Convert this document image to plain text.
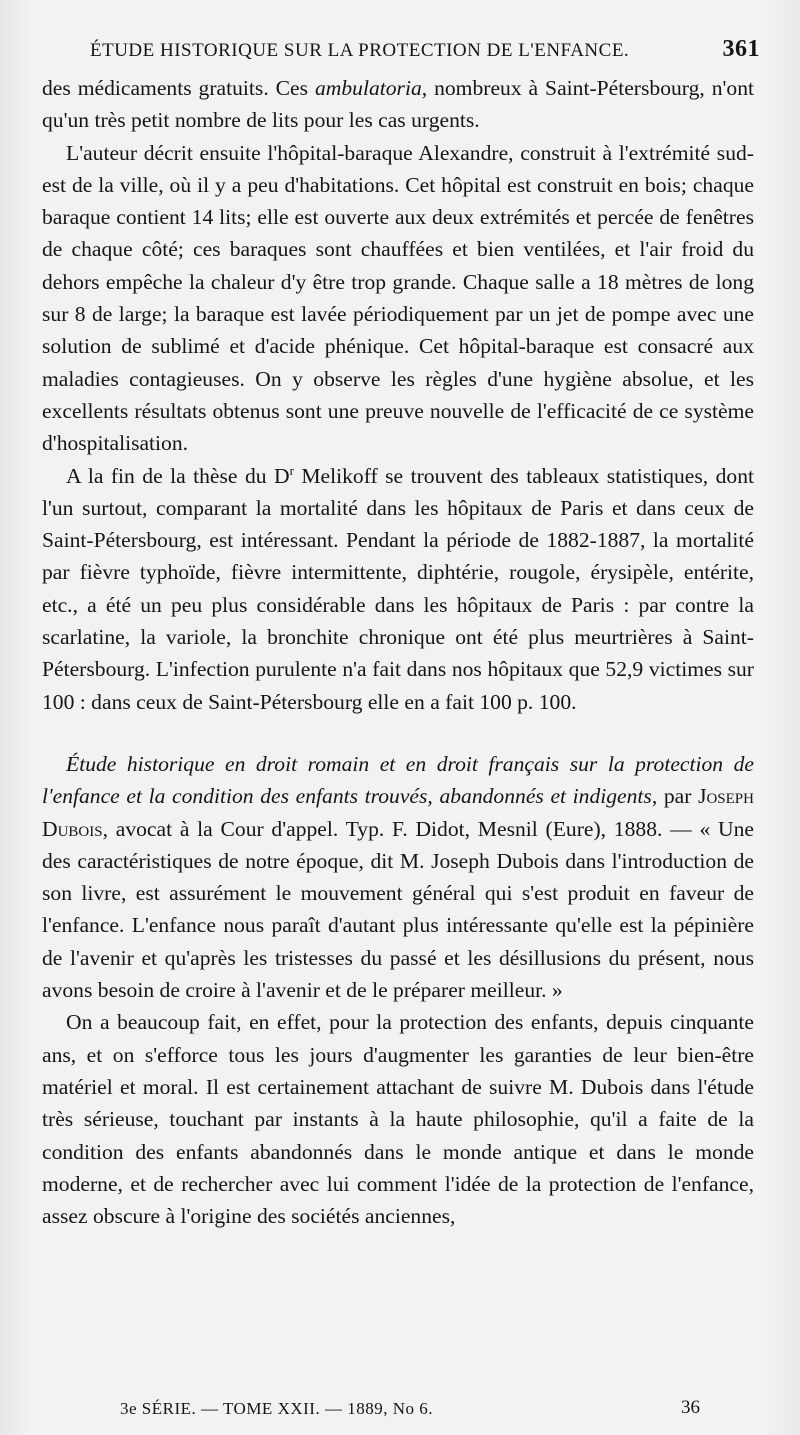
ÉTUDE HISTORIQUE SUR LA PROTECTION DE L'ENFANCE.	361

des médicaments gratuits. Ces ambulatoria, nombreux à Saint-Pétersbourg, n'ont qu'un très petit nombre de lits pour les cas urgents.

L'auteur décrit ensuite l'hôpital-baraque Alexandre, construit à l'extrémité sud-est de la ville, où il y a peu d'habitations. Cet hôpital est construit en bois; chaque baraque contient 14 lits; elle est ouverte aux deux extrémités et percée de fenêtres de chaque côté; ces baraques sont chauffées et bien ventilées, et l'air froid du dehors empêche la chaleur d'y être trop grande. Chaque salle a 18 mètres de long sur 8 de large; la baraque est lavée périodiquement par un jet de pompe avec une solution de sublimé et d'acide phénique. Cet hôpital-baraque est consacré aux maladies contagieuses. On y observe les règles d'une hygiène absolue, et les excellents résultats obtenus sont une preuve nouvelle de l'efficacité de ce système d'hospitalisation.

A la fin de la thèse du $D^r$ Melikoff se trouvent des tableaux statistiques, dont l'un surtout, comparant la mortalité dans les hôpitaux de Paris et dans ceux de Saint-Pétersbourg, est intéressant. Pendant la période de 1882-1887, la mortalité par fièvre typhoïde, fièvre intermittente, diphtérie, rougole, érysipèle, entérite, etc., a été un peu plus considérable dans les hôpitaux de Paris : par contre la scarlatine, la variole, la bronchite chronique ont été plus meurtrières à Saint-Pétersbourg. L'infection purulente n'a fait dans nos hôpitaux que 52,9 victimes sur 100 : dans ceux de Saint-Pétersbourg elle en a fait 100 p. 100.

Étude historique en droit romain et en droit français sur la protection de l'enfance et la condition des enfants trouvés, abandonnés et indigents, par Joseph Dubois, avocat à la Cour d'appel. Typ. F. Didot, Mesnil (Eure), 1888. — « Une des caractéristiques de notre époque, dit M. Joseph Dubois dans l'introduction de son livre, est assurément le mouvement général qui s'est produit en faveur de l'enfance. L'enfance nous paraît d'autant plus intéressante qu'elle est la pépinière de l'avenir et qu'après les tristesses du passé et les désillusions du présent, nous avons besoin de croire à l'avenir et de le préparer meilleur. »

On a beaucoup fait, en effet, pour la protection des enfants, depuis cinquante ans, et on s'efforce tous les jours d'augmenter les garanties de leur bien-être matériel et moral. Il est certainement attachant de suivre M. Dubois dans l'étude très sérieuse, touchant par instants à la haute philosophie, qu'il a faite de la condition des enfants abandonnés dans le monde antique et dans le monde moderne, et de rechercher avec lui comment l'idée de la protection de l'enfance, assez obscure à l'origine des sociétés anciennes,

3e SÉRIE. — TOME XXII. — 1889, No 6.	36
